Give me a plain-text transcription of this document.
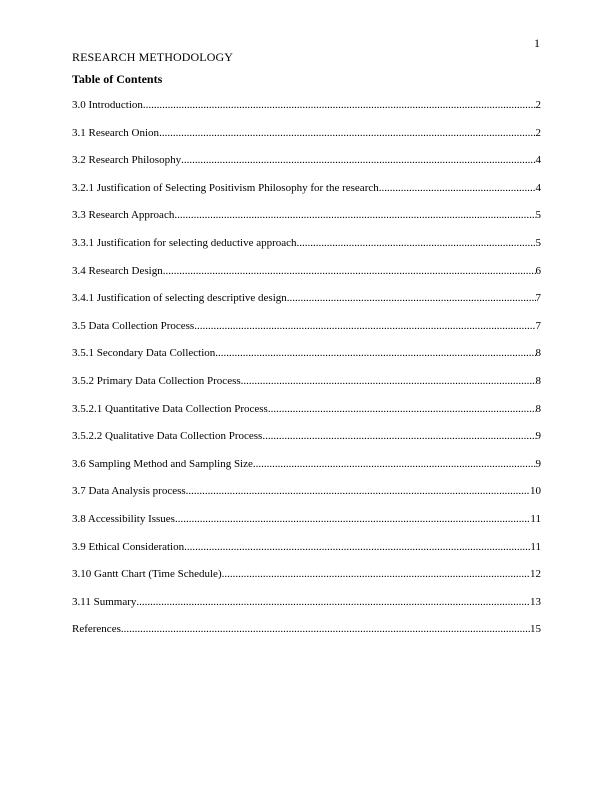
1
RESEARCH METHODOLOGY
Table of Contents
3.0 Introduction .....	2
3.1 Research Onion .....	2
3.2 Research Philosophy .....	4
3.2.1 Justification of Selecting Positivism Philosophy for the research .....	4
3.3 Research Approach .....	5
3.3.1 Justification for selecting deductive approach .....	5
3.4 Research Design .....	6
3.4.1 Justification of selecting descriptive design .....	7
3.5 Data Collection Process .....	7
3.5.1 Secondary Data Collection .....	8
3.5.2 Primary Data Collection Process .....	8
3.5.2.1 Quantitative Data Collection Process .....	8
3.5.2.2 Qualitative Data Collection Process .....	9
3.6 Sampling Method and Sampling Size .....	9
3.7 Data Analysis process .....	10
3.8 Accessibility Issues .....	11
3.9 Ethical Consideration .....	11
3.10 Gantt Chart (Time Schedule) .....	12
3.11 Summary .....	13
References .....	15
